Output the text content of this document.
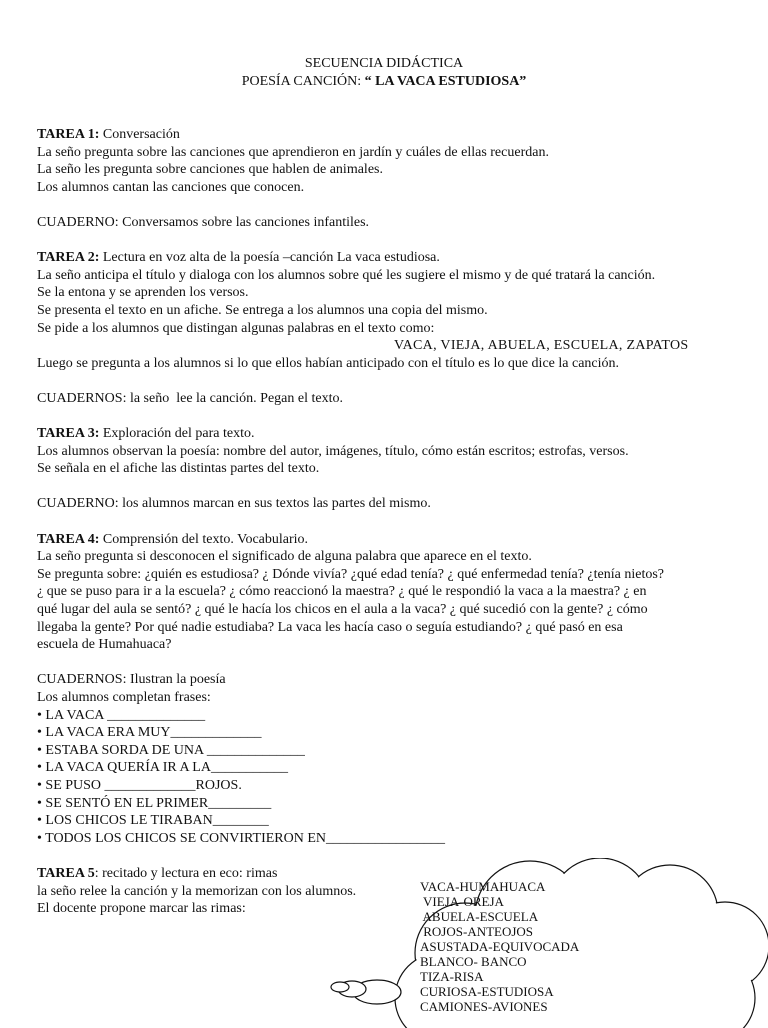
SECUENCIA DIDÁCTICA
POESÍA CANCIÓN: “ LA VACA ESTUDIOSA”

TAREA 1: Conversación

La seño pregunta sobre las canciones que aprendieron en jardín y cuáles de ellas recuerdan.

La seño les pregunta sobre canciones que hablen de animales.

Los alumnos cantan las canciones que conocen.

CUADERNO: Conversamos sobre las canciones infantiles.

TAREA 2: Lectura en voz alta de la poesía –canción La vaca estudiosa.

La seño anticipa el título y dialoga con los alumnos sobre qué les sugiere el mismo y de qué tratará la canción.

Se la entona y se aprenden los versos.

Se presenta el texto en un afiche. Se entrega a los alumnos una copia del mismo.

Se pide a los alumnos que distingan algunas palabras en el texto como:

VACA, VIEJA, ABUELA, ESCUELA, ZAPATOS

Luego se pregunta a los alumnos si lo que ellos habían anticipado con el título es lo que dice la canción.

CUADERNOS: la seño  lee la canción. Pegan el texto.

TAREA 3: Exploración del para texto.

Los alumnos observan la poesía: nombre del autor, imágenes, título, cómo están escritos; estrofas, versos.

Se señala en el afiche las distintas partes del texto.

CUADERNO: los alumnos marcan en sus textos las partes del mismo.

TAREA 4: Comprensión del texto. Vocabulario.

La seño pregunta si desconocen el significado de alguna palabra que aparece en el texto.

Se pregunta sobre: ¿quién es estudiosa? ¿ Dónde vivía? ¿qué edad tenía? ¿ qué enfermedad tenía? ¿tenía nietos?

¿ que se puso para ir a la escuela? ¿ cómo reaccionó la maestra? ¿ qué le respondió la vaca a la maestra? ¿ en

qué lugar del aula se sentó? ¿ qué le hacía los chicos en el aula a la vaca? ¿ qué sucedió con la gente? ¿ cómo

llegaba la gente? Por qué nadie estudiaba? La vaca les hacía caso o seguía estudiando? ¿ qué pasó en esa

escuela de Humahuaca?

CUADERNOS: Ilustran la poesía

Los alumnos completan frases:

• LA VACA ______________

• LA VACA ERA MUY_____________

• ESTABA SORDA DE UNA ______________

• LA VACA QUERÍA IR A LA___________

• SE PUSO _____________ROJOS.

• SE SENTÓ EN EL PRIMER_________

• LOS CHICOS LE TIRABAN________

• TODOS LOS CHICOS SE CONVIRTIERON EN_________________

TAREA 5: recitado y lectura en eco: rimas

la seño relee la canción y la memorizan con los alumnos.

El docente propone marcar las rimas:

VACA-HUMAHUACA
VIEJA-OREJA
ABUELA-ESCUELA
ROJOS-ANTEOJOS
ASUSTADA-EQUIVOCADA
BLANCO- BANCO
TIZA-RISA
CURIOSA-ESTUDIOSA
CAMIONES-AVIONES
